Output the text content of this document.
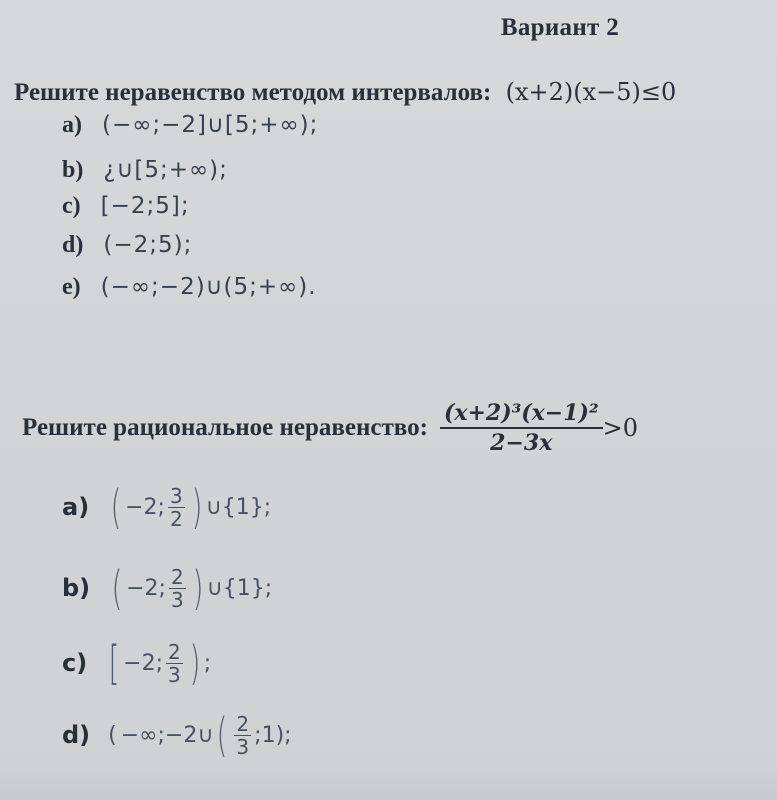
Вариант 2
Решите неравенство методом интервалов: (x+2)(x−5)≤0
a) (−∞;−2]∪[5;+∞);
b) ¿∪[5;+∞);
c) [−2;5];
d) (−2;5);
e) (−∞;−2)∪(5;+∞).
Решите рациональное неравенство: $\frac{\text{(x+2)³(x−1)²}}{2-3x} >0$
a) ( −2; $\frac{3}{2}$ ) ∪{1};
b) ( −2; $\frac{2}{3}$ ) ∪{1};
c) [ −2; $\frac{2}{3}$ ) ;
d) ( −∞;−2∪ ( $\frac{2}{3}$ ;1);
